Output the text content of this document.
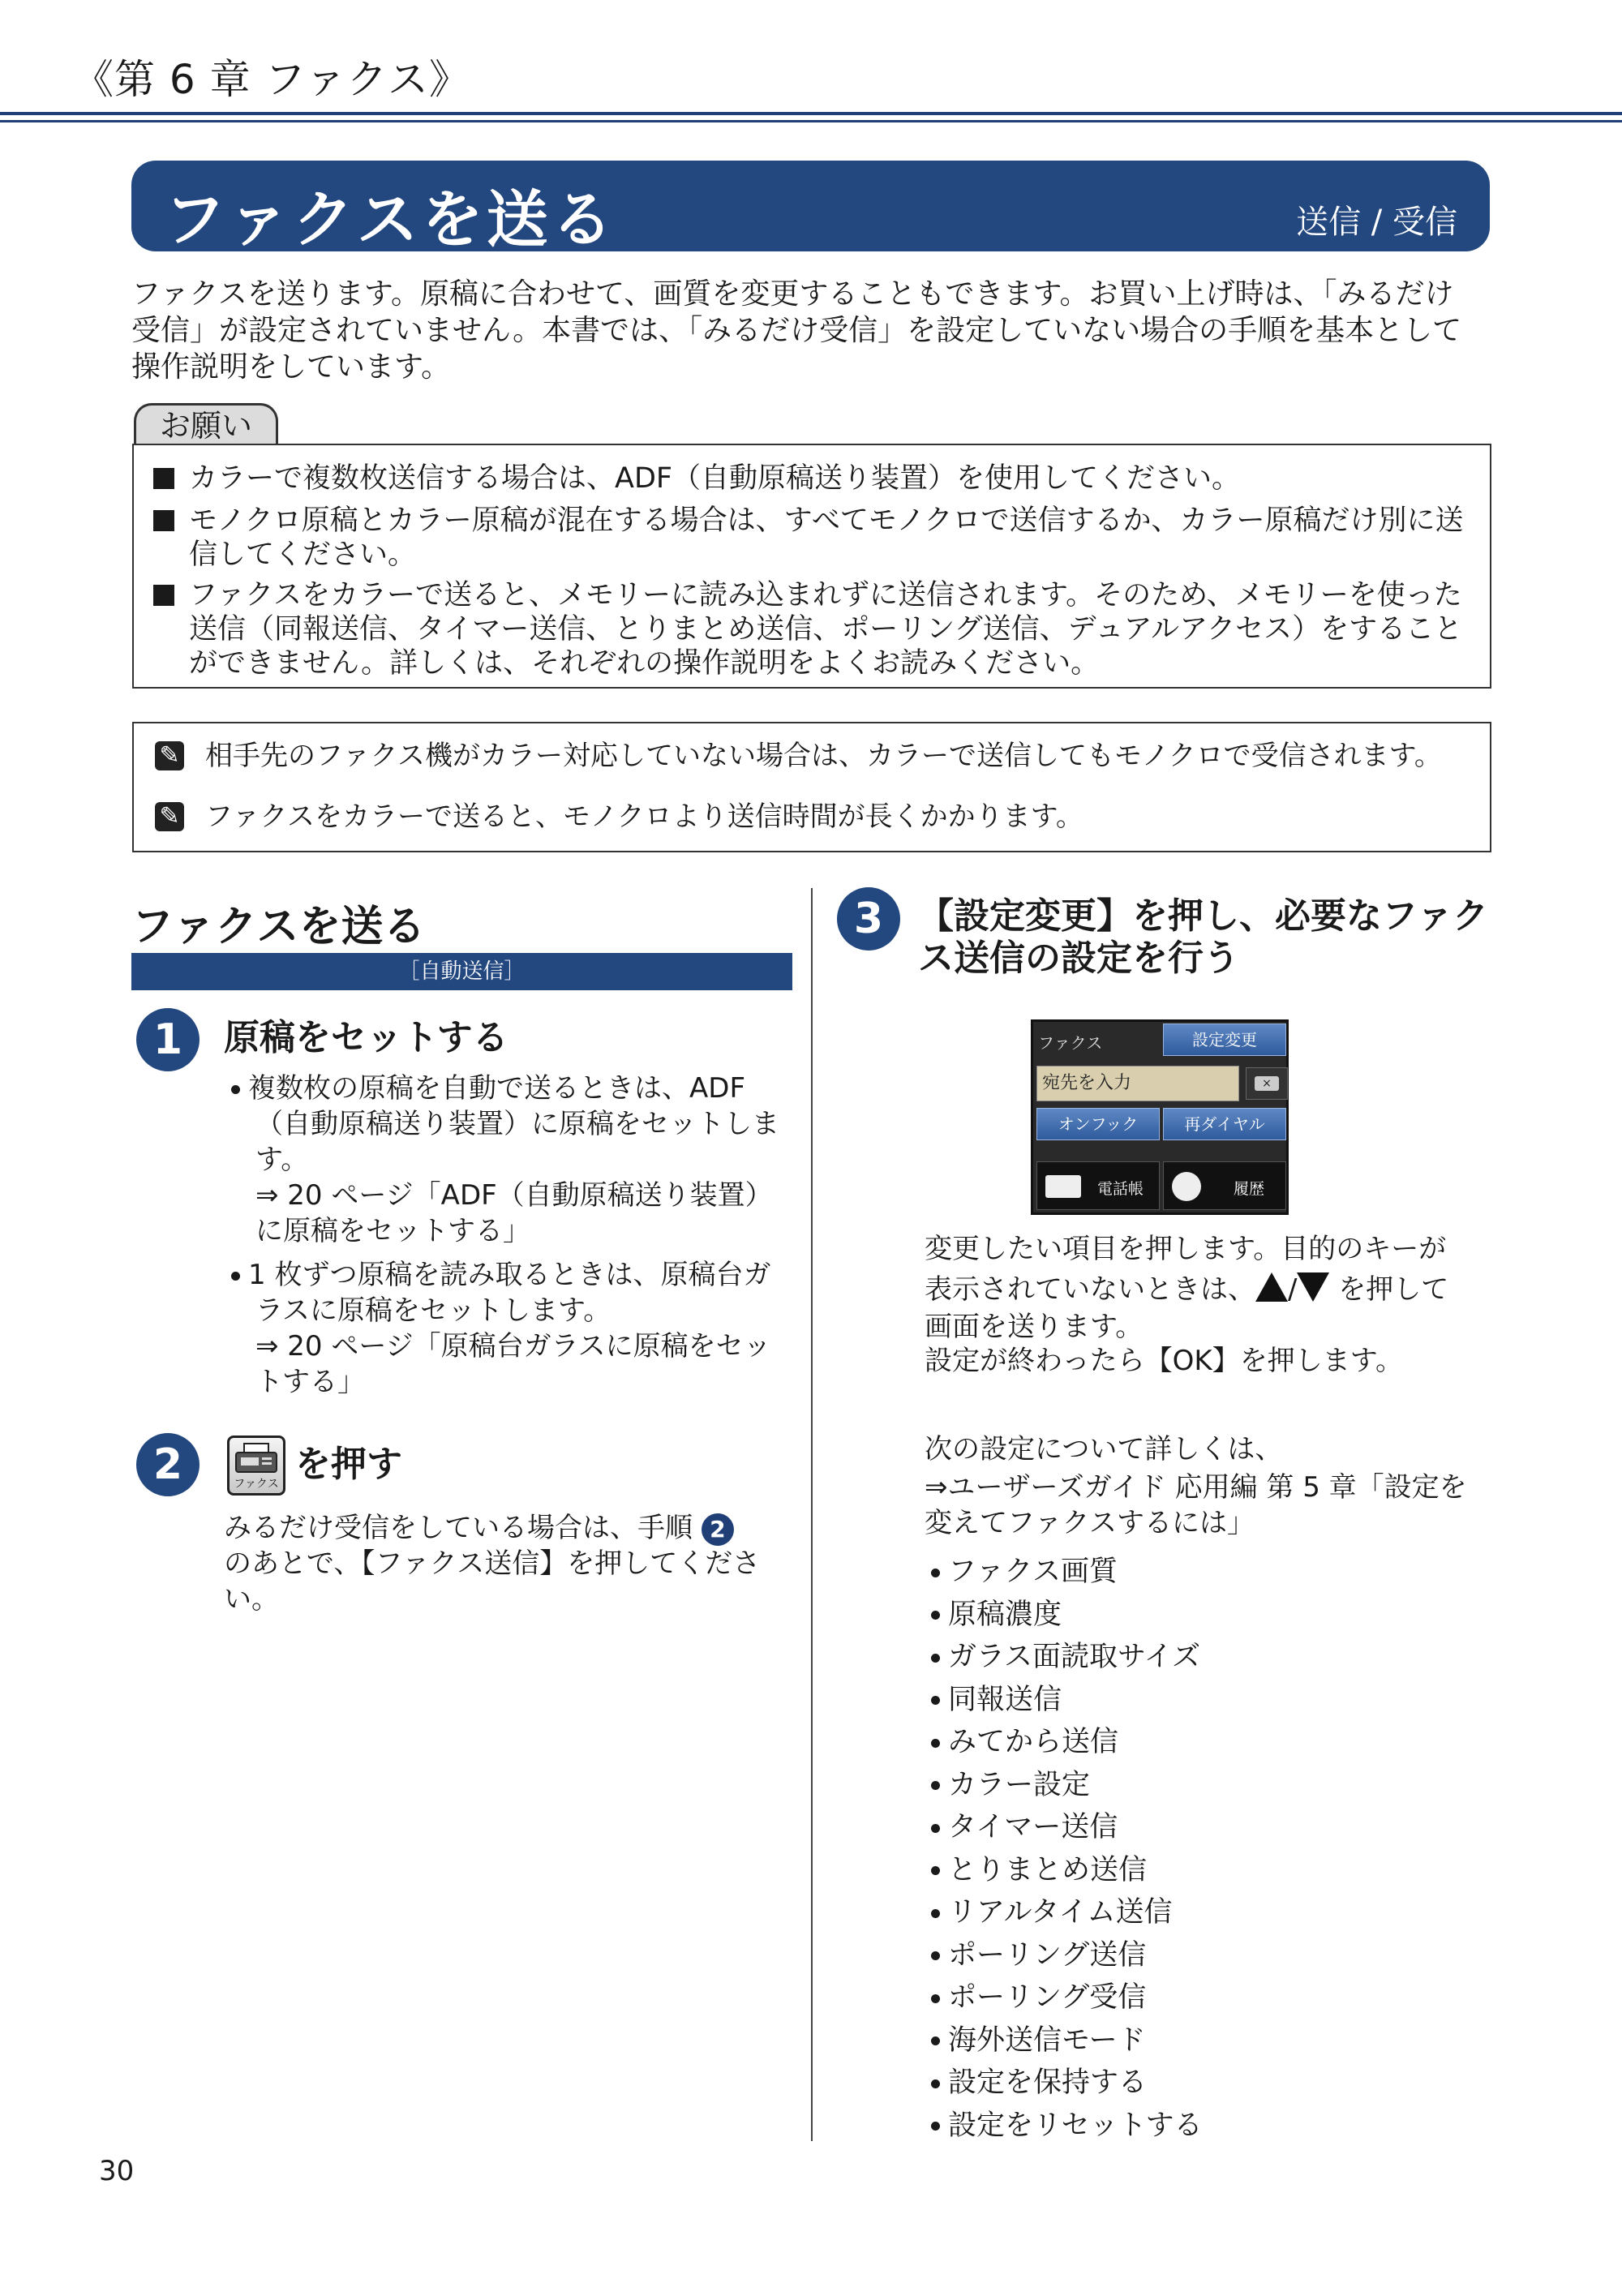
《第 6 章 ファクス》
ファクスを送る	送信 / 受信
ファクスを送ります。原稿に合わせて、画質を変更することもできます。お買い上げ時は、「みるだけ
受信」が設定されていません。本書では、「みるだけ受信」を設定していない場合の手順を基本として
操作説明をしています。
お願い
カラーで複数枚送信する場合は、ADF（自動原稿送り装置）を使用してください。
モノクロ原稿とカラー原稿が混在する場合は、すべてモノクロで送信するか、カラー原稿だけ別に送
信してください。
ファクスをカラーで送ると、メモリーに読み込まれずに送信されます。そのため、メモリーを使った
送信（同報送信、タイマー送信、とりまとめ送信、ポーリング送信、デュアルアクセス）をすること
ができません。詳しくは、それぞれの操作説明をよくお読みください。
✎ 相手先のファクス機がカラー対応していない場合は、カラーで送信してもモノクロで受信されます。
✎ ファクスをカラーで送ると、モノクロより送信時間が長くかかります。
ファクスを送る
［自動送信］
1	原稿をセットする
複数枚の原稿を自動で送るときは、ADF
（自動原稿送り装置）に原稿をセットしま
す。
⇒ 20 ページ「ADF（自動原稿送り装置）
に原稿をセットする」
1 枚ずつ原稿を読み取るときは、原稿台ガ
ラスに原稿をセットします。
⇒ 20 ページ「原稿台ガラスに原稿をセッ
トする」
2	ファクス を押す
みるだけ受信をしている場合は、手順 2
のあとで、【ファクス送信】を押してくださ
い。
3 【設定変更】を押し、必要なファク
ス送信の設定を行う
ファクス	設定変更
宛先を入力	×
オンフック	再ダイヤル
電話帳	履歴
変更したい項目を押します。目的のキーが
表示されていないときは、 / を押して
画面を送ります。
設定が終わったら【OK】を押します。
次の設定について詳しくは、
⇒ユーザーズガイド 応用編 第 5 章「設定を
変えてファクスするには」
ファクス画質
原稿濃度
ガラス面読取サイズ
同報送信
みてから送信
カラー設定
タイマー送信
とりまとめ送信
リアルタイム送信
ポーリング送信
ポーリング受信
海外送信モード
設定を保持する
設定をリセットする
30
